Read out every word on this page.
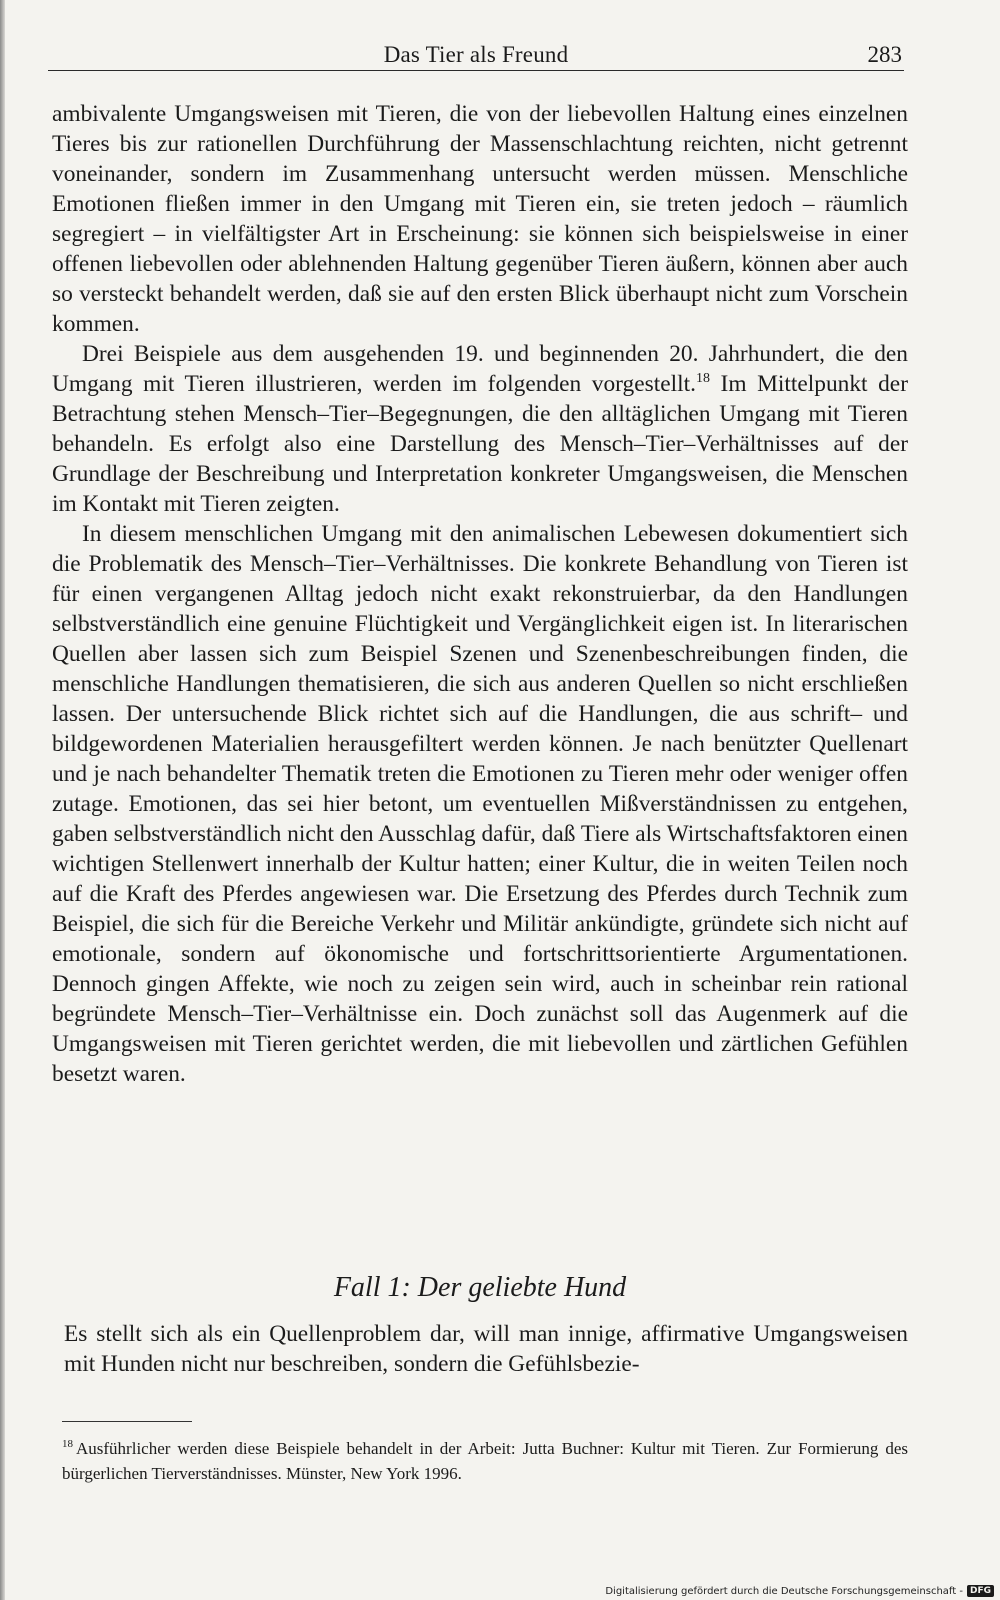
Das Tier als Freund	283

ambivalente Umgangsweisen mit Tieren, die von der liebevollen Haltung eines einzelnen Tieres bis zur rationellen Durchführung der Massenschlachtung reichten, nicht getrennt voneinander, sondern im Zusammenhang untersucht werden müssen. Menschliche Emotionen fließen immer in den Umgang mit Tieren ein, sie treten jedoch – räumlich segregiert – in vielfältigster Art in Erscheinung: sie können sich beispielsweise in einer offenen liebevollen oder ablehnenden Haltung gegenüber Tieren äußern, können aber auch so versteckt behandelt werden, daß sie auf den ersten Blick überhaupt nicht zum Vorschein kommen.

Drei Beispiele aus dem ausgehenden 19. und beginnenden 20. Jahrhundert, die den Umgang mit Tieren illustrieren, werden im folgenden vorgestellt.$^{18}$ Im Mittelpunkt der Betrachtung stehen Mensch–Tier–Begegnungen, die den alltäglichen Umgang mit Tieren behandeln. Es erfolgt also eine Darstellung des Mensch–Tier–Verhältnisses auf der Grundlage der Beschreibung und Interpretation konkreter Umgangsweisen, die Menschen im Kontakt mit Tieren zeigten.

In diesem menschlichen Umgang mit den animalischen Lebewesen dokumentiert sich die Problematik des Mensch–Tier–Verhältnisses. Die konkrete Behandlung von Tieren ist für einen vergangenen Alltag jedoch nicht exakt rekonstruierbar, da den Handlungen selbstverständlich eine genuine Flüchtigkeit und Vergänglichkeit eigen ist. In literarischen Quellen aber lassen sich zum Beispiel Szenen und Szenenbeschreibungen finden, die menschliche Handlungen thematisieren, die sich aus anderen Quellen so nicht erschließen lassen. Der untersuchende Blick richtet sich auf die Handlungen, die aus schrift– und bildgewordenen Materialien herausgefiltert werden können. Je nach benützter Quellenart und je nach behandelter Thematik treten die Emotionen zu Tieren mehr oder weniger offen zutage. Emotionen, das sei hier betont, um eventuellen Mißverständnissen zu entgehen, gaben selbstverständlich nicht den Ausschlag dafür, daß Tiere als Wirtschaftsfaktoren einen wichtigen Stellenwert innerhalb der Kultur hatten; einer Kultur, die in weiten Teilen noch auf die Kraft des Pferdes angewiesen war. Die Ersetzung des Pferdes durch Technik zum Beispiel, die sich für die Bereiche Verkehr und Militär ankündigte, gründete sich nicht auf emotionale, sondern auf ökonomische und fortschrittsorientierte Argumentationen. Dennoch gingen Affekte, wie noch zu zeigen sein wird, auch in scheinbar rein rational begründete Mensch–Tier–Verhältnisse ein. Doch zunächst soll das Augenmerk auf die Umgangsweisen mit Tieren gerichtet werden, die mit liebevollen und zärtlichen Gefühlen besetzt waren.

Fall 1: Der geliebte Hund

Es stellt sich als ein Quellenproblem dar, will man innige, affirmative Umgangsweisen mit Hunden nicht nur beschreiben, sondern die Gefühlsbezie-

$^{18}$ Ausführlicher werden diese Beispiele behandelt in der Arbeit: Jutta Buchner: Kultur mit Tieren. Zur Formierung des bürgerlichen Tierverständnisses. Münster, New York 1996.
Digitalisierung gefördert durch die Deutsche Forschungsgemeinschaft - DFG
